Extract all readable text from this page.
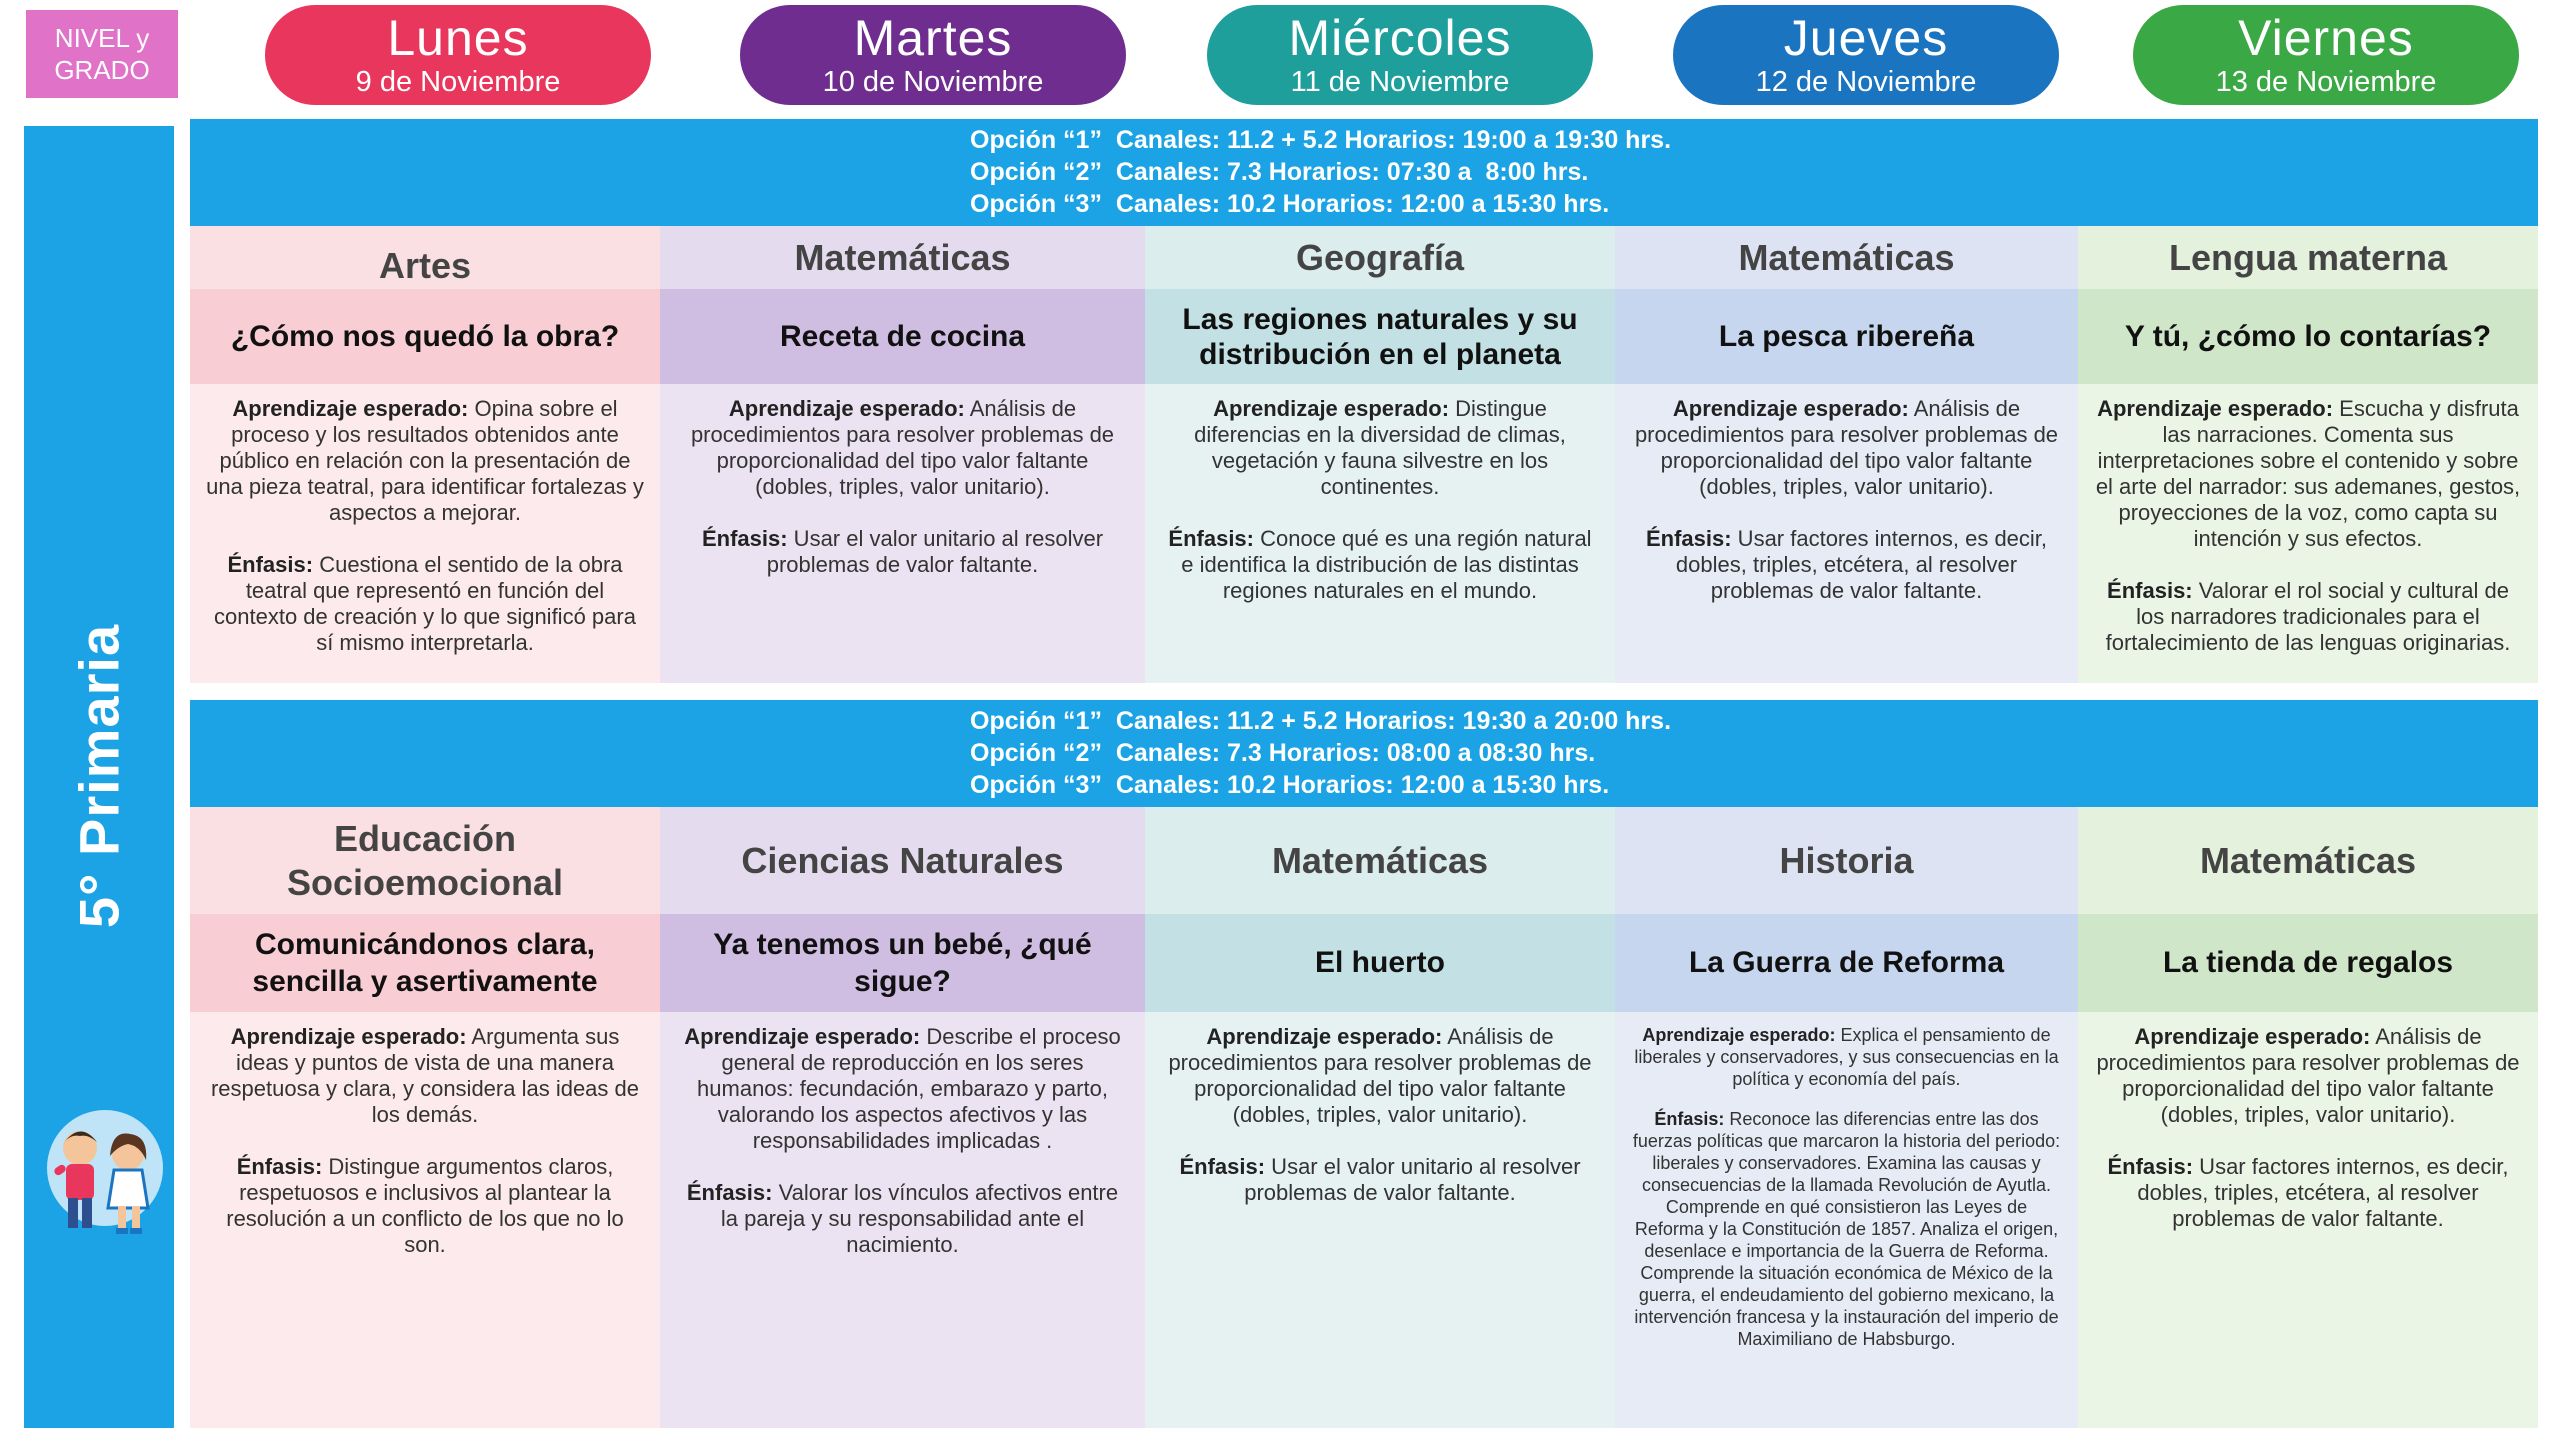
NIVEL y
GRADO
Lunes
9 de Noviembre
Martes
10 de Noviembre
Miércoles
11 de Noviembre
Jueves
12 de Noviembre
Viernes
13 de Noviembre
5° Primaria
Opción “1”  Canales: 11.2 + 5.2 Horarios: 19:00 a 19:30 hrs.
Opción “2”  Canales: 7.3 Horarios: 07:30 a  8:00 hrs.
Opción “3”  Canales: 10.2 Horarios: 12:00 a 15:30 hrs.
Artes
¿Cómo nos quedó la obra?

Aprendizaje esperado: Opina sobre el proceso y los resultados obtenidos ante público en relación con la presentación de una pieza teatral, para identificar fortalezas y aspectos a mejorar.

Énfasis: Cuestiona el sentido de la obra teatral que representó en función del contexto de creación y lo que significó para sí mismo interpretarla.

Matemáticas
Receta de cocina

Aprendizaje esperado: Análisis de procedimientos para resolver problemas de proporcionalidad del tipo valor faltante (dobles, triples, valor unitario).

Énfasis: Usar el valor unitario al resolver problemas de valor faltante.

Geografía
Las regiones naturales y su distribución en el planeta

Aprendizaje esperado: Distingue diferencias en la diversidad de climas, vegetación y fauna silvestre en los continentes.

Énfasis: Conoce qué es una región natural e identifica la distribución de las distintas regiones naturales en el mundo.

Matemáticas
La pesca ribereña

Aprendizaje esperado: Análisis de procedimientos para resolver problemas de proporcionalidad del tipo valor faltante (dobles, triples, valor unitario).

Énfasis: Usar factores internos, es decir, dobles, triples, etcétera, al resolver problemas de valor faltante.

Lengua materna
Y tú, ¿cómo lo contarías?

Aprendizaje esperado: Escucha y disfruta las narraciones. Comenta sus interpretaciones sobre el contenido y sobre el arte del narrador: sus ademanes, gestos, proyecciones de la voz, como capta su intención y sus efectos.

Énfasis: Valorar el rol social y cultural de los narradores tradicionales para el fortalecimiento de las lenguas originarias.

Opción “1”  Canales: 11.2 + 5.2 Horarios: 19:30 a 20:00 hrs.
Opción “2”  Canales: 7.3 Horarios: 08:00 a 08:30 hrs.
Opción “3”  Canales: 10.2 Horarios: 12:00 a 15:30 hrs.
Educación Socioemocional
Comunicándonos clara, sencilla y asertivamente

Aprendizaje esperado: Argumenta sus ideas y puntos de vista de una manera respetuosa y clara, y considera las ideas de los demás.

Énfasis: Distingue argumentos claros, respetuosos e inclusivos al plantear la resolución a un conflicto de los que no lo son.

Ciencias Naturales
Ya tenemos un bebé, ¿qué sigue?

Aprendizaje esperado: Describe el proceso general de reproducción en los seres humanos: fecundación, embarazo y parto, valorando los aspectos afectivos y las responsabilidades implicadas .

Énfasis: Valorar los vínculos afectivos entre la pareja y su responsabilidad ante el nacimiento.

Matemáticas
El huerto

Aprendizaje esperado: Análisis de procedimientos para resolver problemas de proporcionalidad del tipo valor faltante (dobles, triples, valor unitario).

Énfasis: Usar el valor unitario al resolver problemas de valor faltante.

Historia
La Guerra de Reforma

Aprendizaje esperado: Explica el pensamiento de liberales y conservadores, y sus consecuencias en la política y economía del país.

Énfasis: Reconoce las diferencias entre las dos fuerzas políticas que marcaron la historia del periodo: liberales y conservadores. Examina las causas y consecuencias de la llamada Revolución de Ayutla. Comprende en qué consistieron las Leyes de Reforma y la Constitución de 1857. Analiza el origen, desenlace e importancia de la Guerra de Reforma. Comprende la situación económica de México de la guerra, el endeudamiento del gobierno mexicano, la intervención francesa y la instauración del imperio de Maximiliano de Habsburgo.

Matemáticas
La tienda de regalos

Aprendizaje esperado: Análisis de procedimientos para resolver problemas de proporcionalidad del tipo valor faltante (dobles, triples, valor unitario).

Énfasis: Usar factores internos, es decir, dobles, triples, etcétera, al resolver problemas de valor faltante.
